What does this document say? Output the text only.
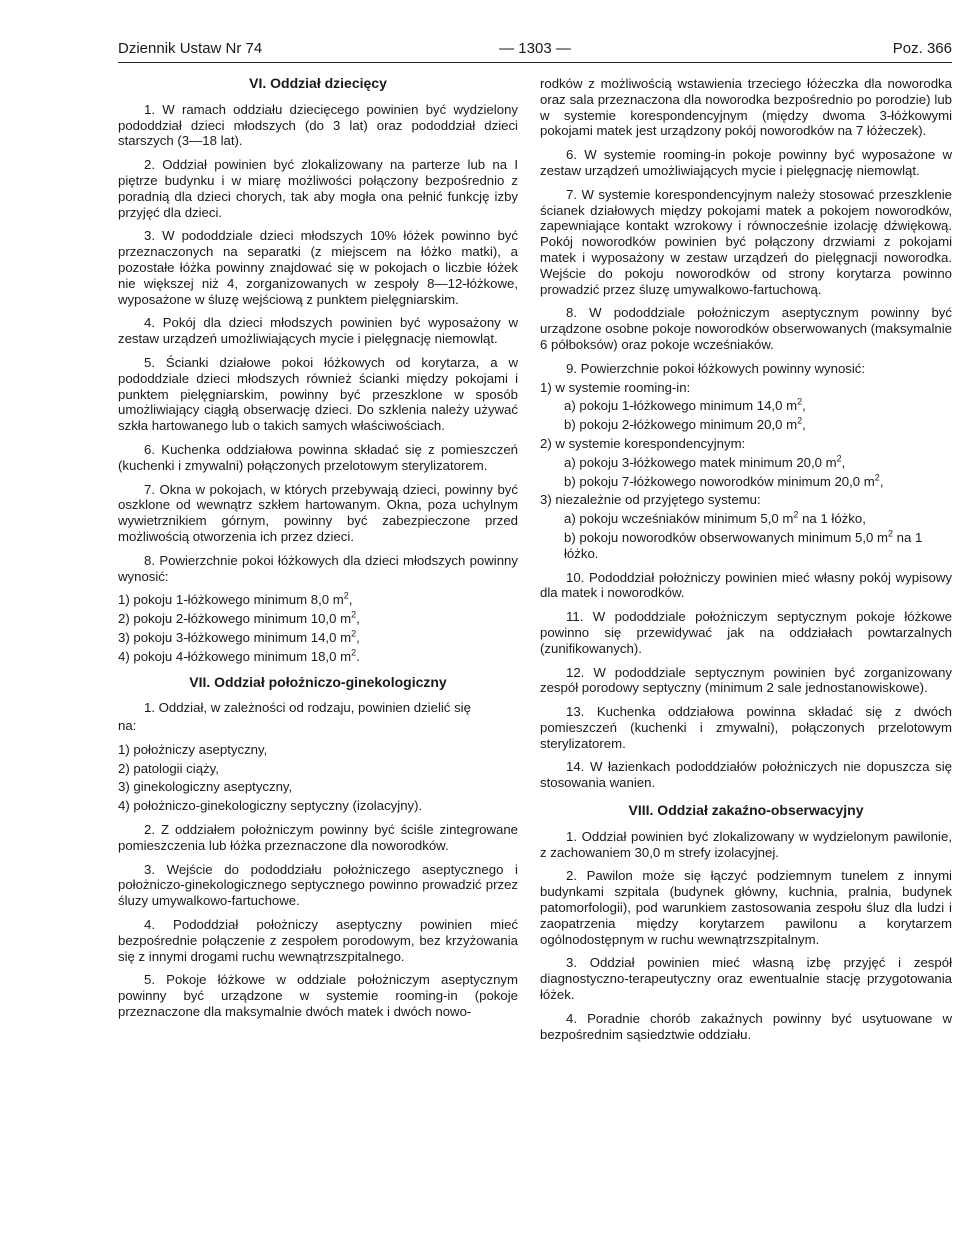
Dziennik Ustaw Nr 74	— 1303 —	Poz. 366
VI. Oddział dziecięcy
1. W ramach oddziału dziecięcego powinien być wydzielony pododdział dzieci młodszych (do 3 lat) oraz pododdział dzieci starszych (3—18 lat).
2. Oddział powinien być zlokalizowany na parterze lub na I piętrze budynku i w miarę możliwości połączony bezpośrednio z poradnią dla dzieci chorych, tak aby mogła ona pełnić funkcję izby przyjęć dla dzieci.
3. W pododdziale dzieci młodszych 10% łóżek powinno być przeznaczonych na separatki (z miejscem na łóżko matki), a pozostałe łóżka powinny znajdować się w pokojach o liczbie łóżek nie większej niż 4, zorganizowanych w zespoły 8—12-łóżkowe, wyposażone w śluzę wejściową z punktem pielęgniarskim.
4. Pokój dla dzieci młodszych powinien być wyposażony w zestaw urządzeń umożliwiających mycie i pielęgnację niemowląt.
5. Ścianki działowe pokoi łóżkowych od korytarza, a w pododdziale dzieci młodszych również ścianki między pokojami i punktem pielęgniarskim, powinny być przeszklone w sposób umożliwiający ciągłą obserwację dzieci. Do szklenia należy używać szkła hartowanego lub o takich samych właściwościach.
6. Kuchenka oddziałowa powinna składać się z pomieszczeń (kuchenki i zmywalni) połączonych przelotowym sterylizatorem.
7. Okna w pokojach, w których przebywają dzieci, powinny być oszklone od wewnątrz szkłem hartowanym. Okna, poza uchylnym wywietrznikiem górnym, powinny być zabezpieczone przed możliwością otworzenia ich przez dzieci.
8. Powierzchnie pokoi łóżkowych dla dzieci młodszych powinny wynosić:
1) pokoju 1-łóżkowego minimum 8,0 $m^2$,
2) pokoju 2-łóżkowego minimum 10,0 $m^2$,
3) pokoju 3-łóżkowego minimum 14,0 $m^2$,
4) pokoju 4-łóżkowego minimum 18,0 $m^2$.
VII. Oddział położniczo-ginekologiczny
1. Oddział, w zależności od rodzaju, powinien dzielić się
na:
1) położniczy aseptyczny,
2) patologii ciąży,
3) ginekologiczny aseptyczny,
4) położniczo-ginekologiczny septyczny (izolacyjny).
2. Z oddziałem położniczym powinny być ściśle zintegrowane pomieszczenia lub łóżka przeznaczone dla noworodków.
3. Wejście do pododdziału położniczego aseptycznego i położniczo-ginekologicznego septycznego powinno prowadzić przez śluzy umywalkowo-fartuchowe.
4. Pododdział położniczy aseptyczny powinien mieć bezpośrednie połączenie z zespołem porodowym, bez krzyżowania się z innymi drogami ruchu wewnątrzszpitalnego.
5. Pokoje łóżkowe w oddziale położniczym aseptycznym powinny być urządzone w systemie rooming-in (pokoje przeznaczone dla maksymalnie dwóch matek i dwóch nowo-
rodków z możliwością wstawienia trzeciego łóżeczka dla noworodka oraz sala przeznaczona dla noworodka bezpośrednio po porodzie) lub w systemie korespondencyjnym (między dwoma 3-łóżkowymi pokojami matek jest urządzony pokój noworodków na 7 łóżeczek).
6. W systemie rooming-in pokoje powinny być wyposażone w zestaw urządzeń umożliwiających mycie i pielęgnację niemowląt.
7. W systemie korespondencyjnym należy stosować przeszklenie ścianek działowych między pokojami matek a pokojem noworodków, zapewniające kontakt wzrokowy i równocześnie izolację dźwiękową. Pokój noworodków powinien być połączony drzwiami z pokojami matek i wyposażony w zestaw urządzeń do pielęgnacji noworodka. Wejście do pokoju noworodków od strony korytarza powinno prowadzić przez śluzę umywalkowo-fartuchową.
8. W pododdziale położniczym aseptycznym powinny być urządzone osobne pokoje noworodków obserwowanych (maksymalnie 6 półboksów) oraz pokoje wcześniaków.
9. Powierzchnie pokoi łóżkowych powinny wynosić:
1) w systemie rooming-in:
a) pokoju 1-łóżkowego minimum 14,0 $m^2$,
b) pokoju 2-łóżkowego minimum 20,0 $m^2$,
2) w systemie korespondencyjnym:
a) pokoju 3-łóżkowego matek minimum 20,0 $m^2$,
b) pokoju 7-łóżkowego noworodków minimum 20,0 $m^2$,
3) niezależnie od przyjętego systemu:
a) pokoju wcześniaków minimum 5,0 $m^2$ na 1 łóżko,
b) pokoju noworodków obserwowanych minimum 5,0 $m^2$ na 1 łóżko.
10. Pododdział położniczy powinien mieć własny pokój wypisowy dla matek i noworodków.
11. W pododdziale położniczym septycznym pokoje łóżkowe powinno się przewidywać jak na oddziałach powtarzalnych (zunifikowanych).
12. W pododdziale septycznym powinien być zorganizowany zespół porodowy septyczny (minimum 2 sale jednostanowiskowe).
13. Kuchenka oddziałowa powinna składać się z dwóch pomieszczeń (kuchenki i zmywalni), połączonych przelotowym sterylizatorem.
14. W łazienkach pododdziałów położniczych nie dopuszcza się stosowania wanien.
VIII. Oddział zakaźno-obserwacyjny
1. Oddział powinien być zlokalizowany w wydzielonym pawilonie, z zachowaniem 30,0 m strefy izolacyjnej.
2. Pawilon może się łączyć podziemnym tunelem z innymi budynkami szpitala (budynek główny, kuchnia, pralnia, budynek patomorfologii), pod warunkiem zastosowania zespołu śluz dla ludzi i zaopatrzenia między korytarzem pawilonu a korytarzem ogólnodostępnym w ruchu wewnątrzszpitalnym.
3. Oddział powinien mieć własną izbę przyjęć i zespół diagnostyczno-terapeutyczny oraz ewentualnie stację przygotowania łóżek.
4. Poradnie chorób zakaźnych powinny być usytuowane w bezpośrednim sąsiedztwie oddziału.
